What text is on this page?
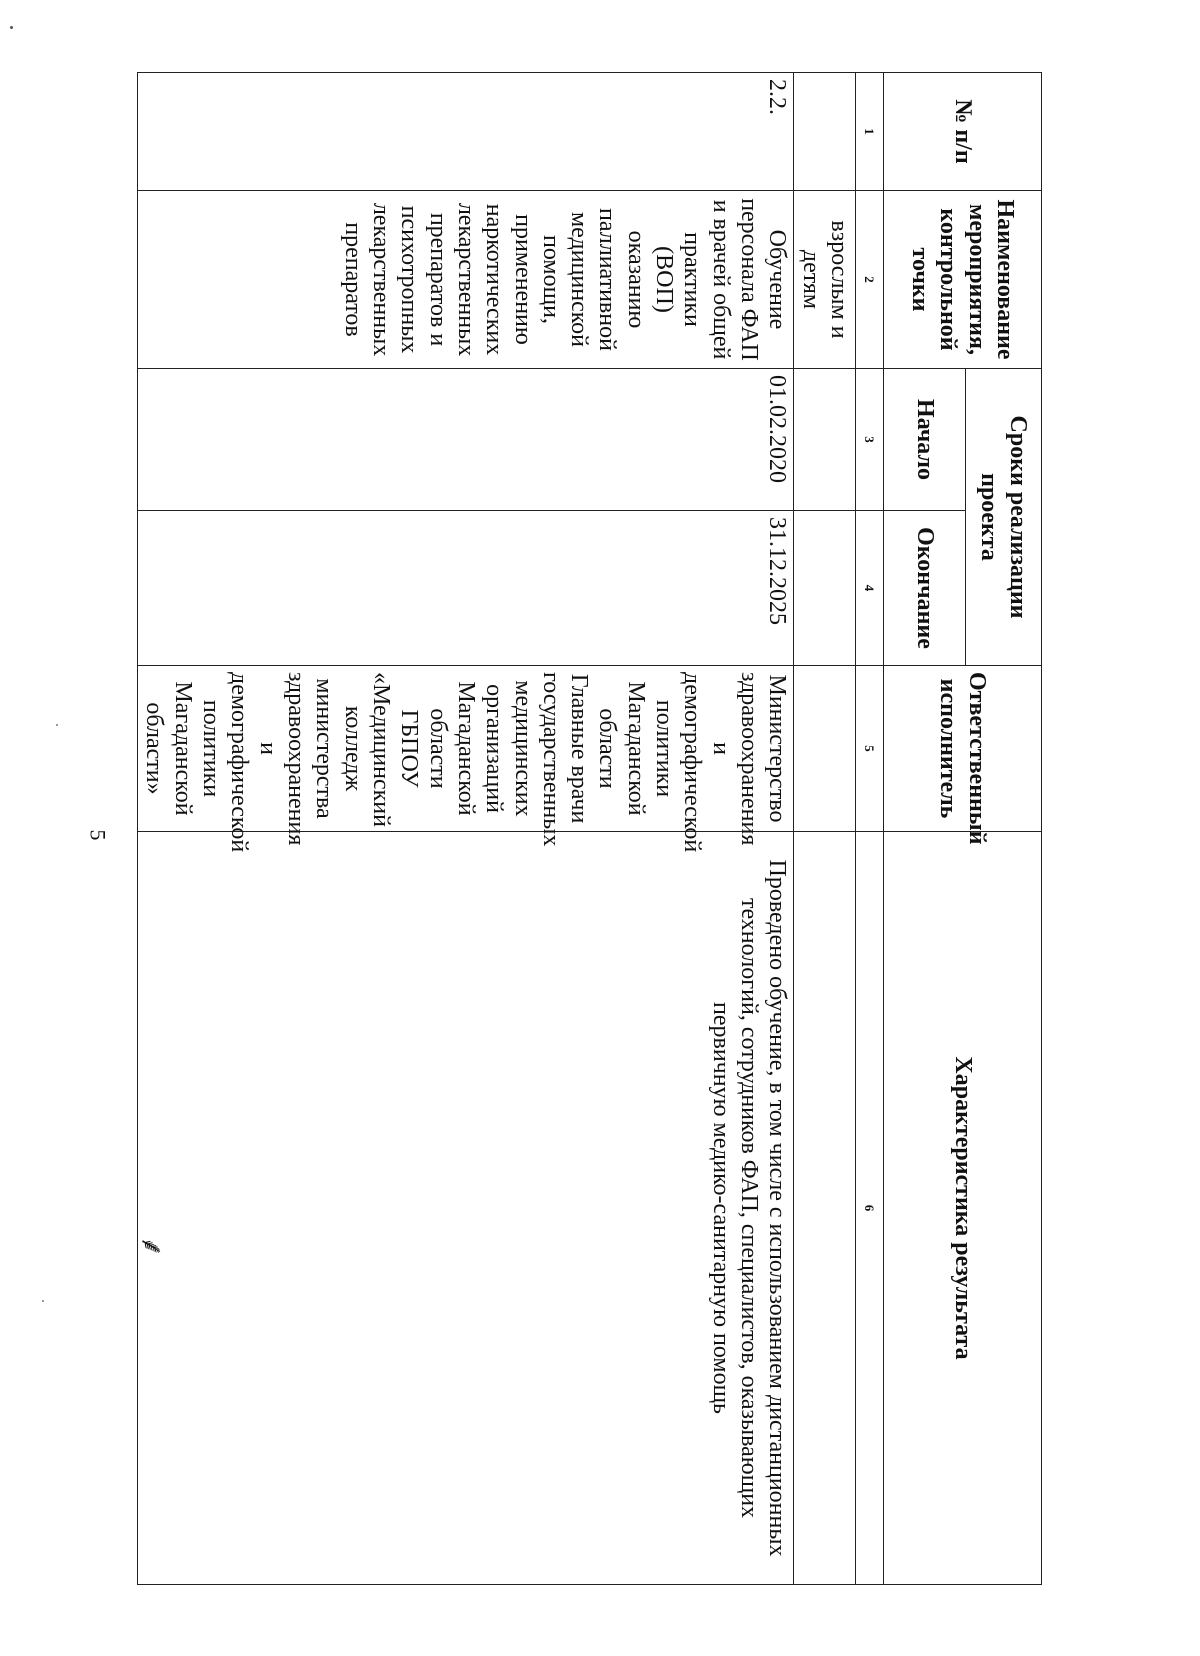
5
⸙
№ п/п	Наименование мероприятия, контрольной точки	Сроки реализации проекта		Ответственный исполнитель	Характеристика результата
		Начало	Окончание		
1	2	3	4	5	6
	взрослым и детям				
2.2.	Обучение персонала ФАП и врачей общей практики (ВОП) оказанию паллиативной медицинской помощи, применению наркотических лекарственных препаратов и психотропных лекарственных препаратов	01.02.2020	31.12.2025	Министерство здравоохранения и демографической политики Магаданской области Главные врачи государственных медицинских организаций Магаданской области ГБПОУ «Медицинский колледж министерства здравоохранения и демографической политики Магаданской области»	Проведено обучение, в том числе с использованием дистанционных технологий, сотрудников ФАП, специалистов, оказывающих первичную медико-санитарную помощь
